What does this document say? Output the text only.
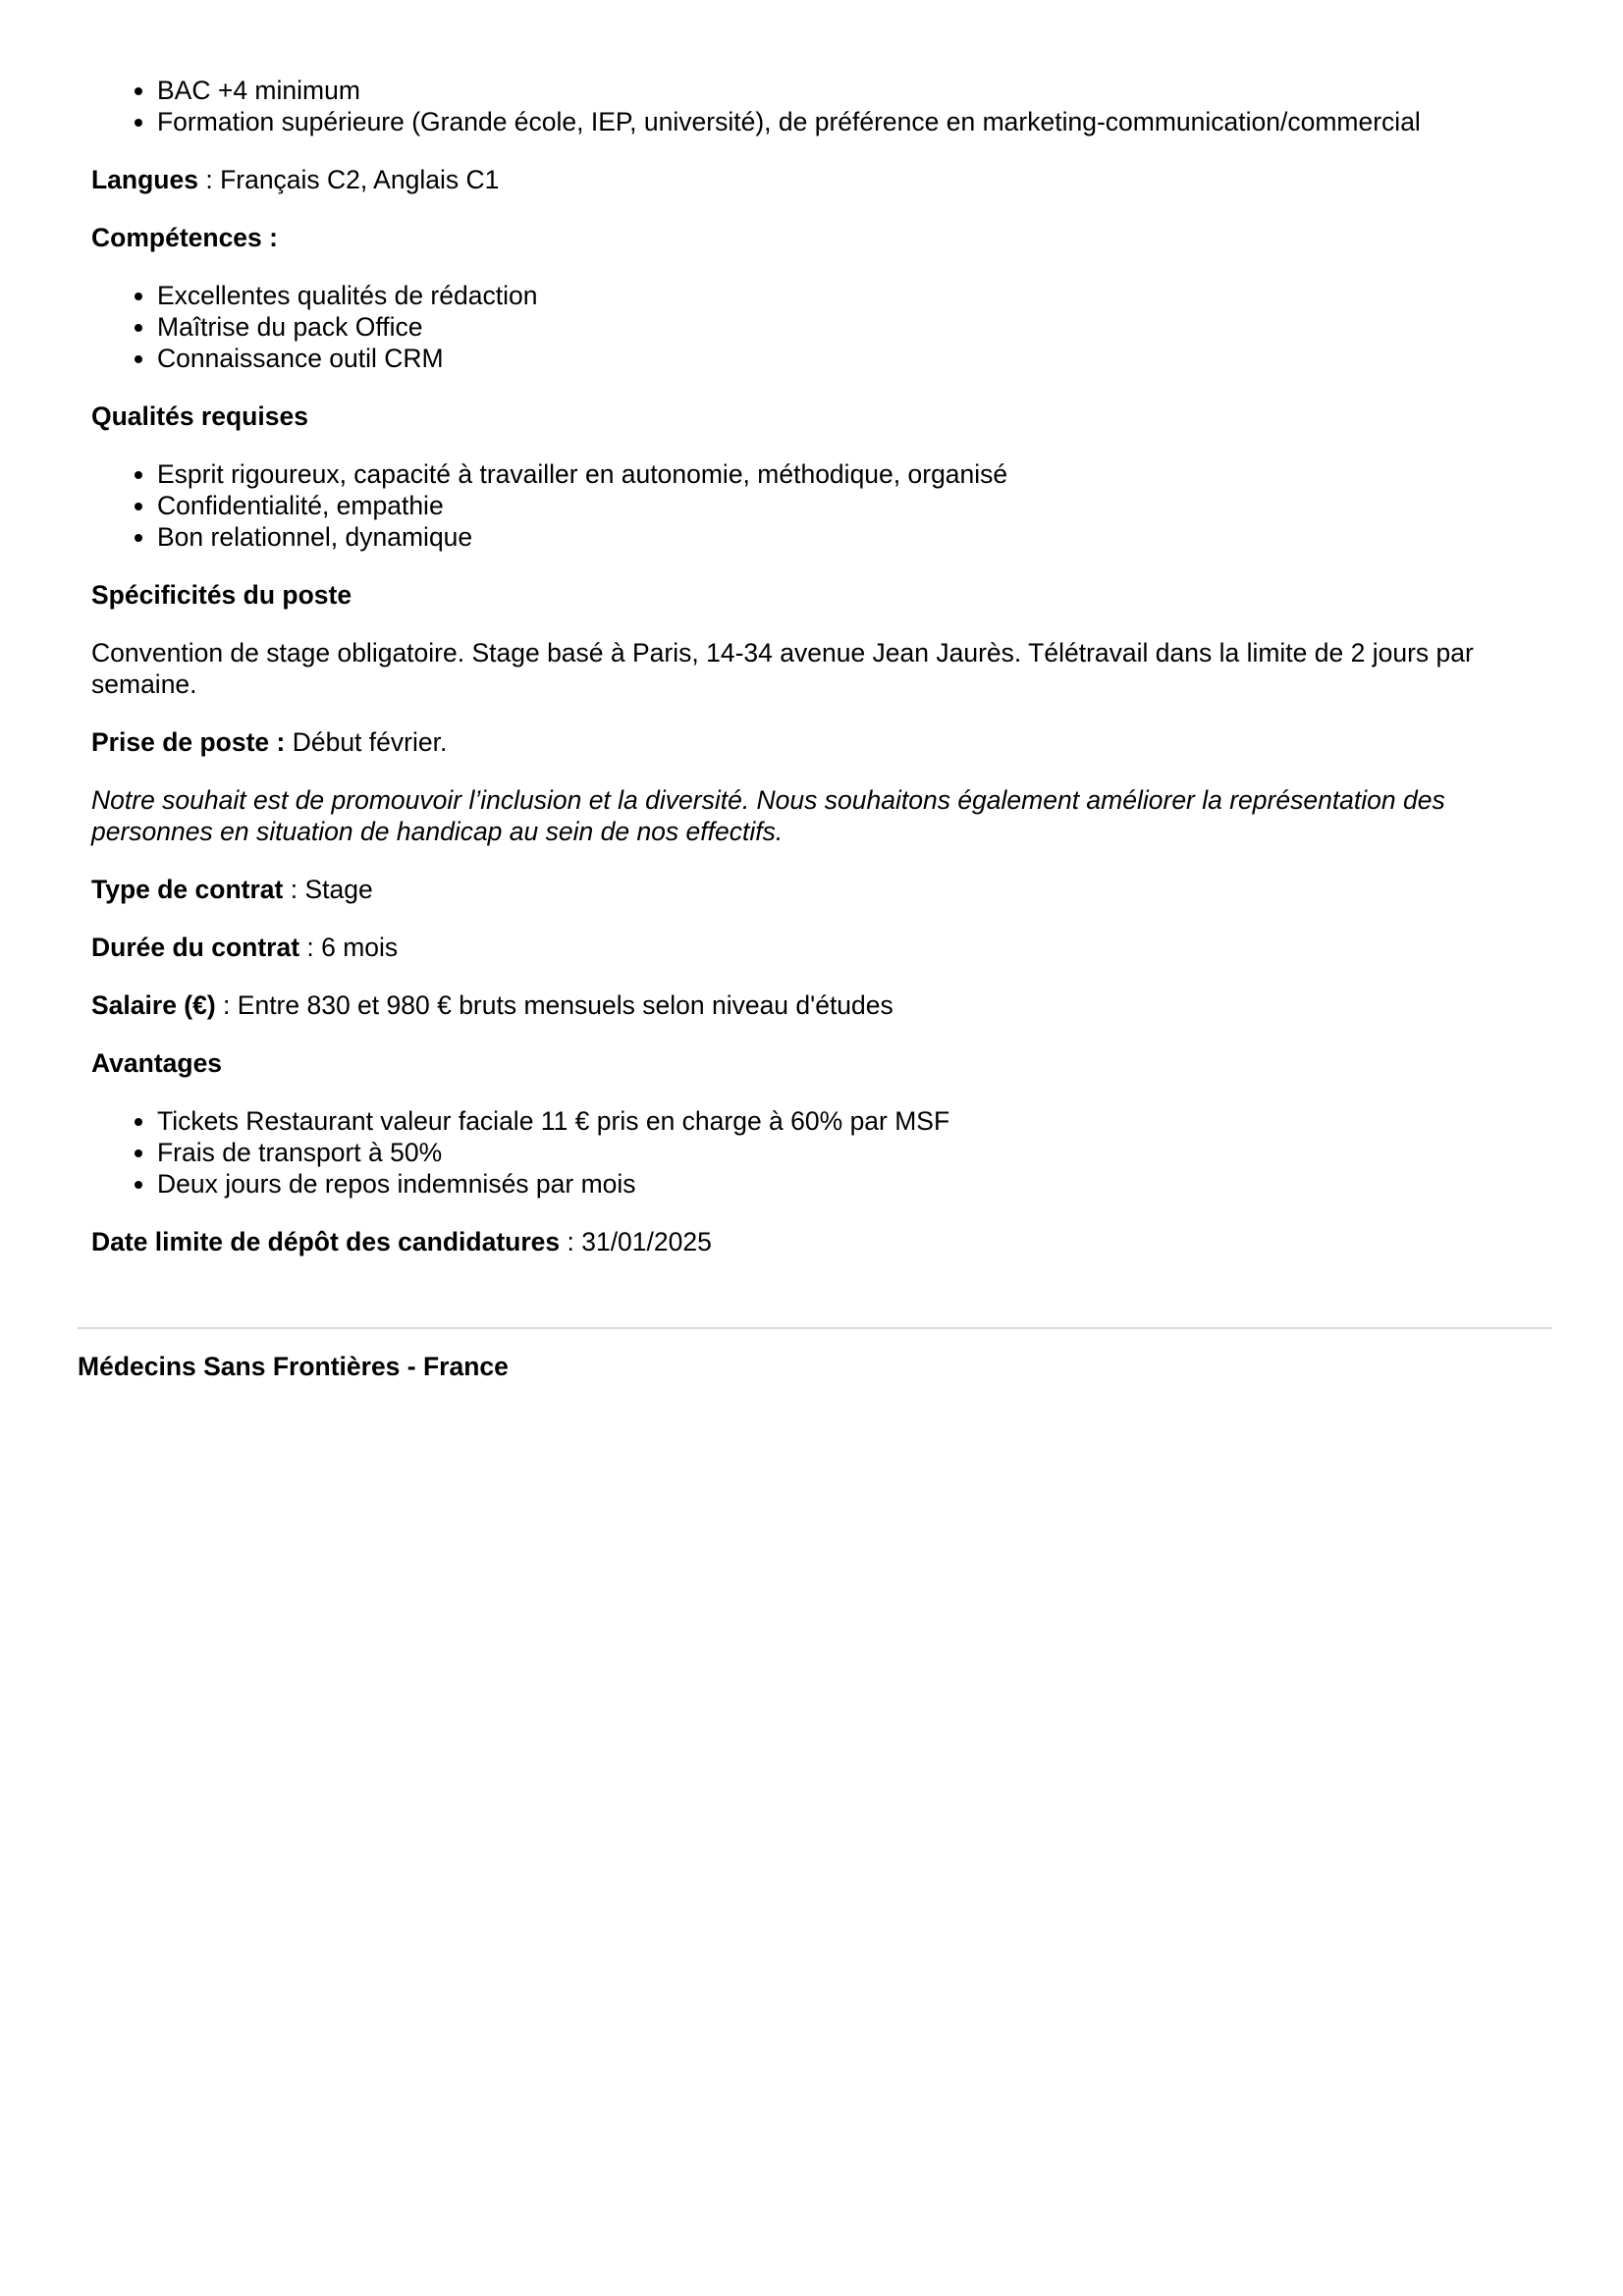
BAC +4 minimum
Formation supérieure (Grande école, IEP, université), de préférence en marketing-communication/commercial

Langues : Français C2, Anglais C1

Compétences :

Excellentes qualités de rédaction
Maîtrise du pack Office
Connaissance outil CRM

Qualités requises

Esprit rigoureux, capacité à travailler en autonomie, méthodique, organisé
Confidentialité, empathie
Bon relationnel, dynamique

Spécificités du poste

Convention de stage obligatoire. Stage basé à Paris, 14-34 avenue Jean Jaurès. Télétravail dans la limite de 2 jours par semaine.

Prise de poste : Début février.

Notre souhait est de promouvoir l’inclusion et la diversité. Nous souhaitons également améliorer la représentation des personnes en situation de handicap au sein de nos effectifs.

Type de contrat : Stage

Durée du contrat : 6 mois

Salaire (€) : Entre 830 et 980 € bruts mensuels selon niveau d'études

Avantages

Tickets Restaurant valeur faciale 11 € pris en charge à 60% par MSF
Frais de transport à 50%
Deux jours de repos indemnisés par mois

Date limite de dépôt des candidatures : 31/01/2025

Médecins Sans Frontières - France
